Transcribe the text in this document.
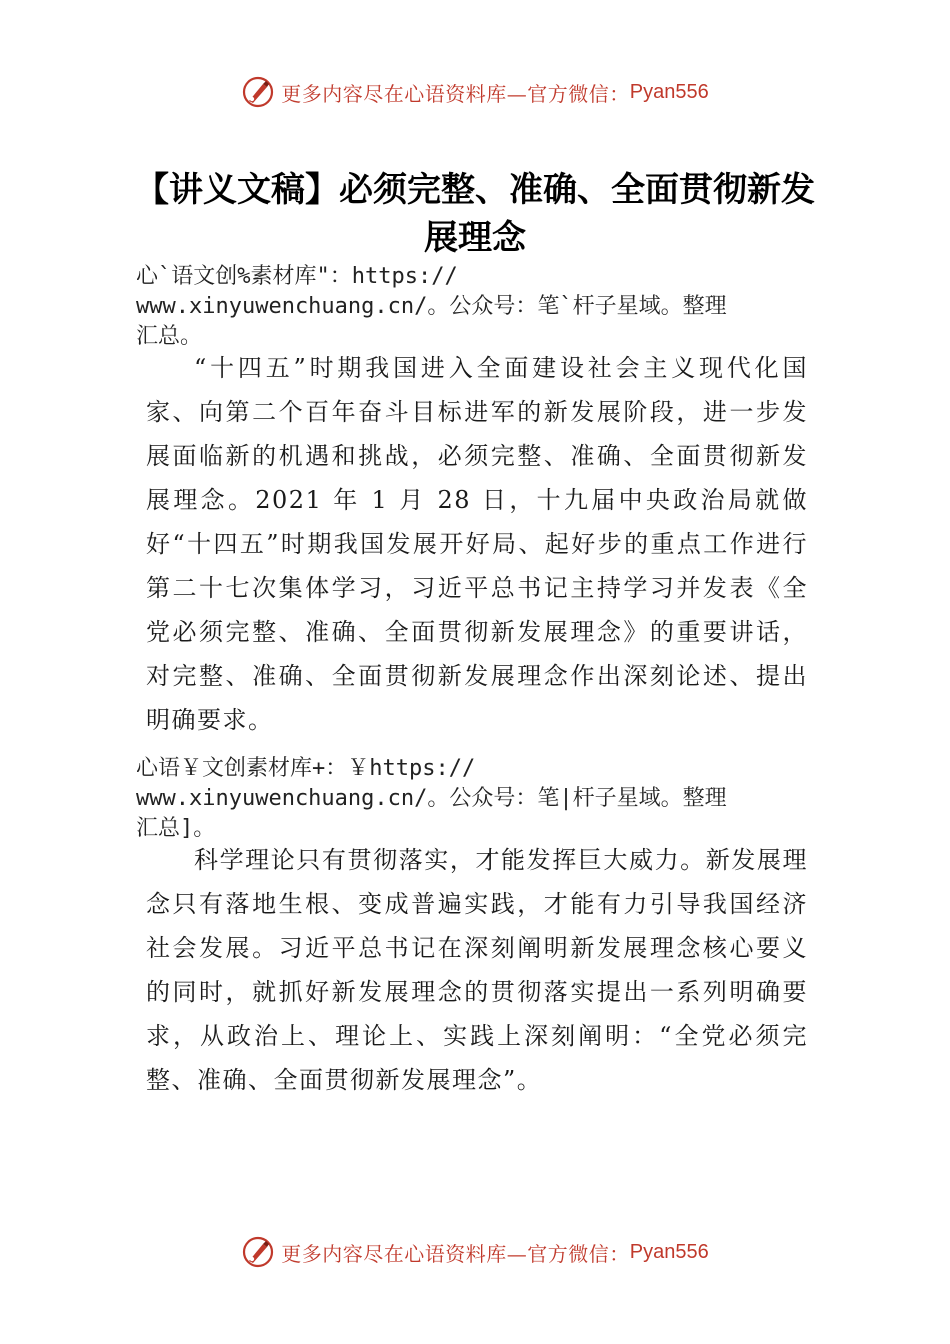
更多内容尽在心语资料库—官方微信： Pyan556
【讲义文稿】必须完整、准确、全面贯彻新发展理念
心`语文创%素材库"：https://
www.xinyuwenchuang.cn/。公众号：笔`杆子星域。整理
汇总。
“十四五”时期我国进入全面建设社会主义现代化国家、向第二个百年奋斗目标进军的新发展阶段，进一步发展面临新的机遇和挑战，必须完整、准确、全面贯彻新发展理念。2021 年 1 月 28 日，十九届中央政治局就做好“十四五”时期我国发展开好局、起好步的重点工作进行第二十七次集体学习，习近平总书记主持学习并发表《全党必须完整、准确、全面贯彻新发展理念》的重要讲话，对完整、准确、全面贯彻新发展理念作出深刻论述、提出明确要求。
心语￥文创素材库+：￥https://
www.xinyuwenchuang.cn/。公众号：笔|杆子星域。整理
汇总]。
科学理论只有贯彻落实，才能发挥巨大威力。新发展理念只有落地生根、变成普遍实践，才能有力引导我国经济社会发展。习近平总书记在深刻阐明新发展理念核心要义的同时，就抓好新发展理念的贯彻落实提出一系列明确要求，从政治上、理论上、实践上深刻阐明：“全党必须完整、准确、全面贯彻新发展理念”。
更多内容尽在心语资料库—官方微信： Pyan556
